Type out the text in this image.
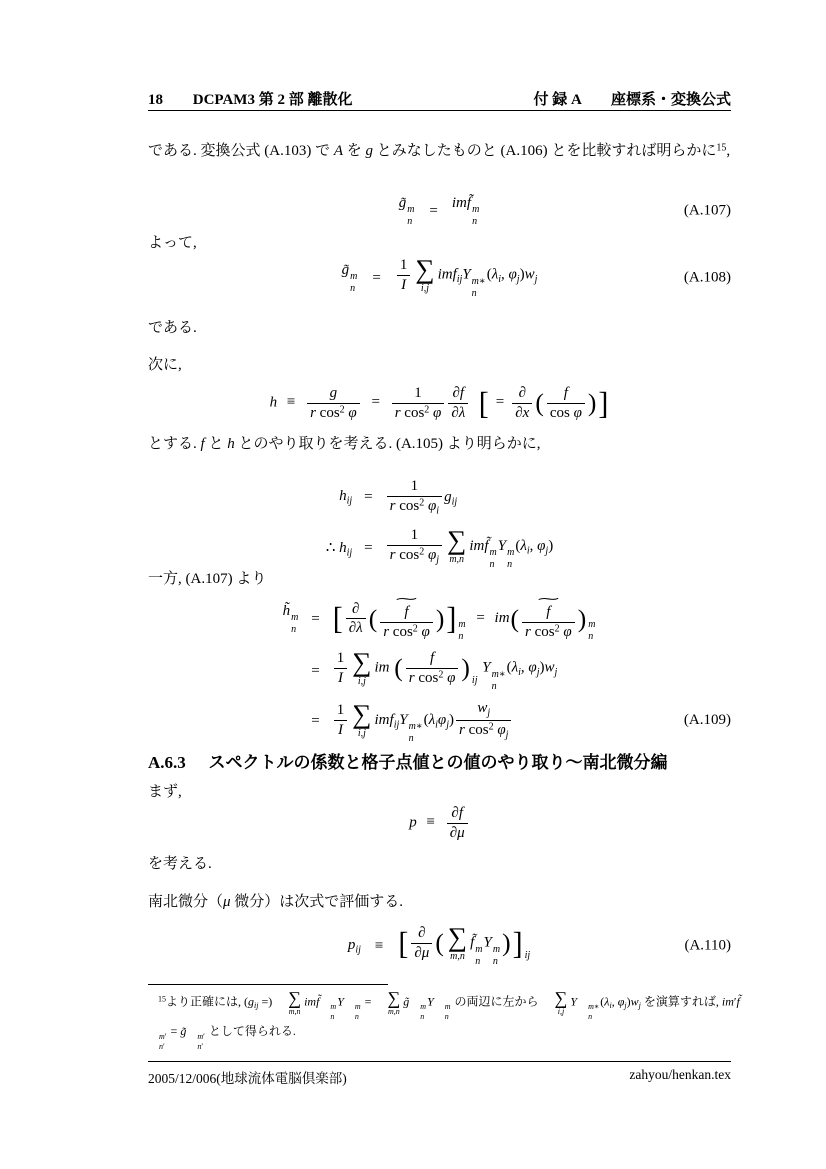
18 DCPAM3 第 2 部 離散化	付 録 A　　座標系・変換公式

である. 変換公式 (A.103) で A を g とみなしたものと (A.106) とを比較すれば明らかに$^{15}$,

g̃ m
n
= imf̃ m
n
(A.107)

よって,

g̃ m
n
= $\frac{1}{I}$ ∑
i,j
imf$_{ij}$Y m∗
n
($\lambda_i$, $\varphi_j)w_j$	(A.108)

である.

次に,

$h \equiv \frac{g}{r \cos^2 \varphi} = \frac{1}{r \cos^2 \varphi} \frac{\partial f}{\partial\lambda}$ [ = $\frac{\partial}{\partial x}$ ( $\frac{f}{\text{cos φ}}$ )]

とする. f と h とのやり取りを考える. (A.105) より明らかに,

$h_{ij} = \frac{1}{r \cos^2 \varphi_i} g_{ij}$
∴ $h_{ij} = \frac{1}{r \cos^2 \varphi_j}$ ∑
m,n
imf̃ m
n
Y m
n
($\lambda_i$, $\varphi_j$)

一方, (A.107) より

h̃ m
n
= [ $\frac{\partial}{\partial\lambda}$ (
∼
$\frac{f}{r \cos^2 \varphi}$ )] m
n
= im(
∼
$\frac{f}{r \cos^2 \varphi}$ ) m
n
= $\frac{1}{I}$ ∑
i,j
im ( $\frac{f}{r \cos^2 \varphi}$ ) $_{ij}$ Y m∗
n
($\lambda_i$, $\varphi_j)w_j$
= $\frac{1}{I}$ ∑
i,j
imf$_{ij}$Y m∗
n
$(\lambda_i\varphi_j) \frac{w_j}{r \cos^2 \varphi_j}$	(A.109)
A.6.3 スペクトルの係数と格子点値との値のやり取り〜南北微分編

まず,

$p \equiv \frac{\partial f}{\partial\mu}$

を考える.

南北微分（μ 微分）は次式で評価する.

$p_{ij}$ ≡ [ $\frac{\partial}{\partial\mu}$ ( ∑
m,n
f̃ m
n
Y m
n
)] $_{ij}$
(A.110)
$^{15}$より正確には, ($g_{ij}$ =) ∑
m,n
imf̃	m
n
Y	m
n
= ∑
m,n
g̃	m
n
Y	m
n
の両辺に左から ∑
i,j
Y	m∗
n
($\lambda_i$, $\varphi_j)w_j$ を演算すれば, im′f̃
m′
n′
= g̃	m′
n′
として得られる.
2005/12/006(地球流体電脳倶楽部)	zahyou/henkan.tex
